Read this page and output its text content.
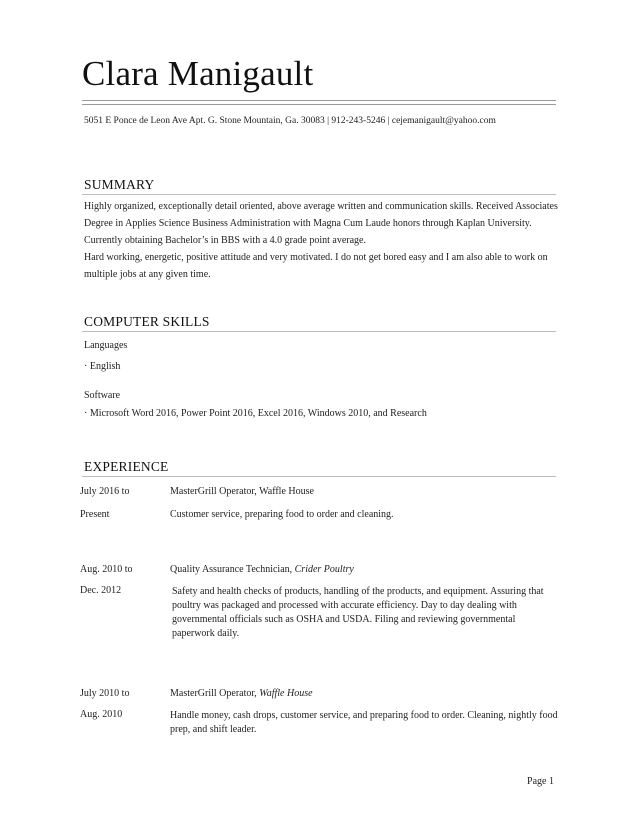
Clara Manigault
5051 E Ponce de Leon Ave Apt. G. Stone Mountain, Ga. 30083 | 912-243-5246 | cejemanigault@yahoo.com
SUMMARY
Highly organized, exceptionally detail oriented, above average written and communication skills. Received Associates Degree in Applies Science Business Administration with Magna Cum Laude honors through Kaplan University. Currently obtaining Bachelor’s in BBS with a 4.0 grade point average.
Hard working, energetic, positive attitude and very motivated. I do not get bored easy and I am also able to work on multiple jobs at any given time.
COMPUTER SKILLS
Languages
· English
Software
· Microsoft Word 2016, Power Point 2016, Excel 2016, Windows 2010, and Research
EXPERIENCE
July 2016 to	MasterGrill Operator, Waffle House
Present	Customer service, preparing food to order and cleaning.
Aug. 2010 to	Quality Assurance Technician, Crider Poultry
Dec. 2012	Safety and health checks of products, handling of the products, and equipment. Assuring that poultry was packaged and processed with accurate efficiency. Day to day dealing with governmental officials such as OSHA and USDA. Filing and reviewing governmental paperwork daily.
July 2010 to	MasterGrill Operator, Waffle House
Aug. 2010	Handle money, cash drops, customer service, and preparing food to order. Cleaning, nightly food prep, and shift leader.
Page 1
